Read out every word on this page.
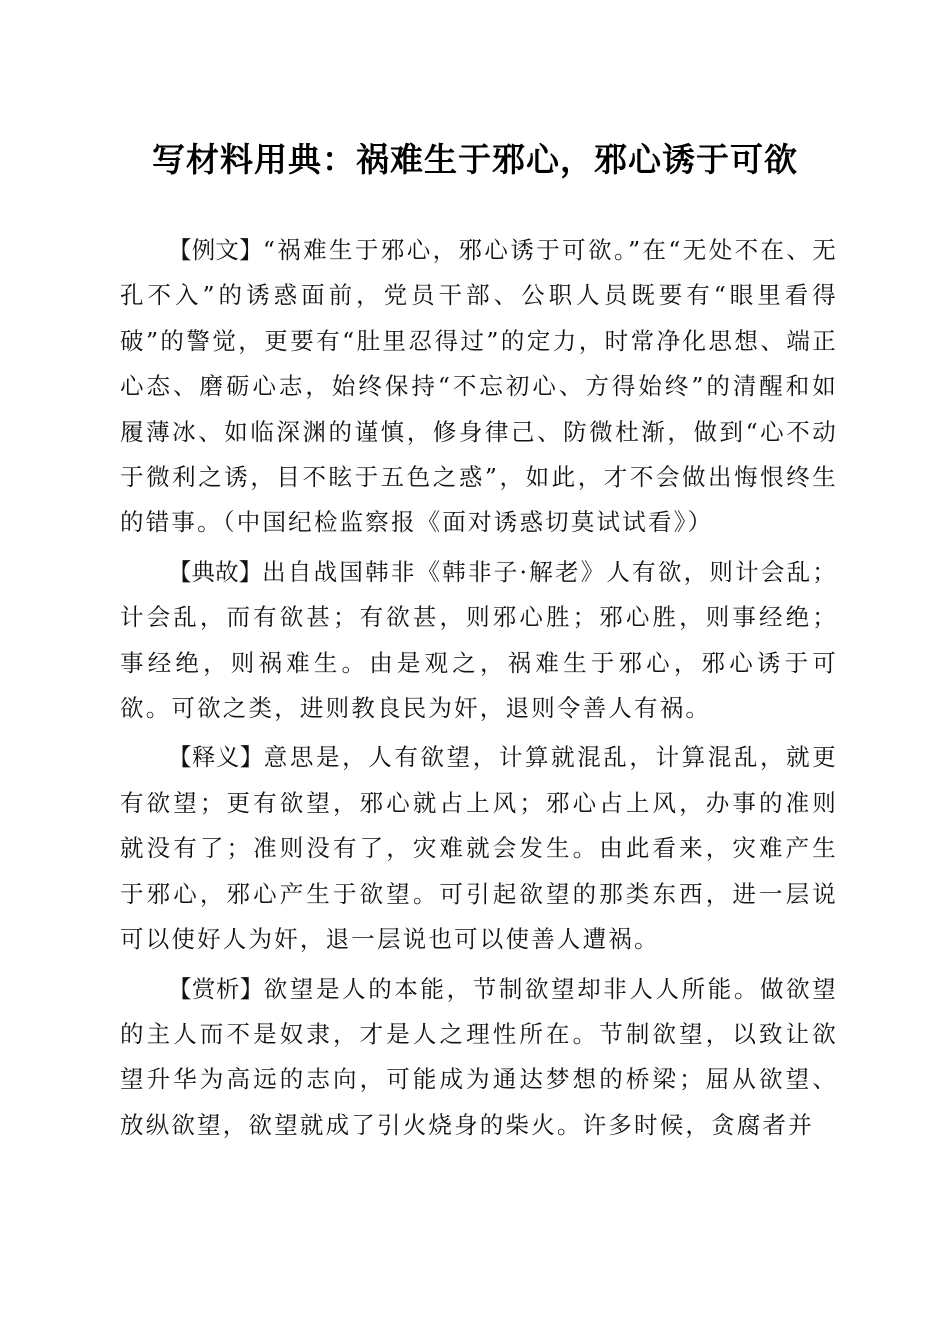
写材料用典：祸难生于邪心，邪心诱于可欲

【例文】“祸难生于邪心，邪心诱于可欲。”在“无处不在、无孔不入”的诱惑面前，党员干部、公职人员既要有“眼里看得破”的警觉，更要有“肚里忍得过”的定力，时常净化思想、端正心态、磨砺心志，始终保持“不忘初心、方得始终”的清醒和如履薄冰、如临深渊的谨慎，修身律己、防微杜渐，做到“心不动于微利之诱，目不眩于五色之惑”，如此，才不会做出悔恨终生的错事。（中国纪检监察报《面对诱惑切莫试试看》）

【典故】出自战国韩非《韩非子·解老》人有欲，则计会乱；计会乱，而有欲甚；有欲甚，则邪心胜；邪心胜，则事经绝；事经绝，则祸难生。由是观之，祸难生于邪心，邪心诱于可欲。可欲之类，进则教良民为奸，退则令善人有祸。

【释义】意思是，人有欲望，计算就混乱，计算混乱，就更有欲望；更有欲望，邪心就占上风；邪心占上风，办事的准则就没有了；准则没有了，灾难就会发生。由此看来，灾难产生于邪心，邪心产生于欲望。可引起欲望的那类东西，进一层说可以使好人为奸，退一层说也可以使善人遭祸。

【赏析】欲望是人的本能，节制欲望却非人人所能。做欲望的主人而不是奴隶，才是人之理性所在。节制欲望，以致让欲望升华为高远的志向，可能成为通达梦想的桥梁；屈从欲望、放纵欲望，欲望就成了引火烧身的柴火。许多时候，贪腐者并
